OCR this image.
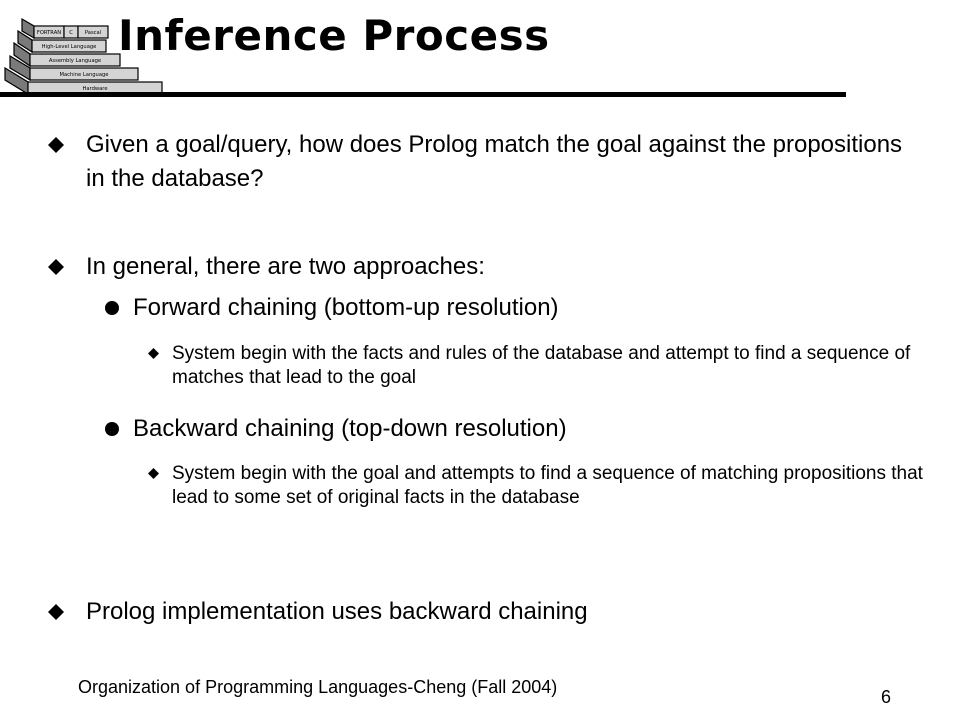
FORTRAN C Pascal
High-Level Language
Assembly Language
Machine Language
Hardware
Inference Process
Given a goal/query, how does Prolog match the goal against the propositions in the database?
In general, there are two approaches:
Forward chaining (bottom-up resolution)
System begin with the facts and rules of the database and attempt to find a sequence of matches that lead to the goal
Backward chaining (top-down resolution)
System begin with the goal and attempts to find a sequence of matching propositions that lead to some set of original facts in the database
Prolog implementation uses backward chaining
Organization of Programming Languages-Cheng (Fall 2004)	6
